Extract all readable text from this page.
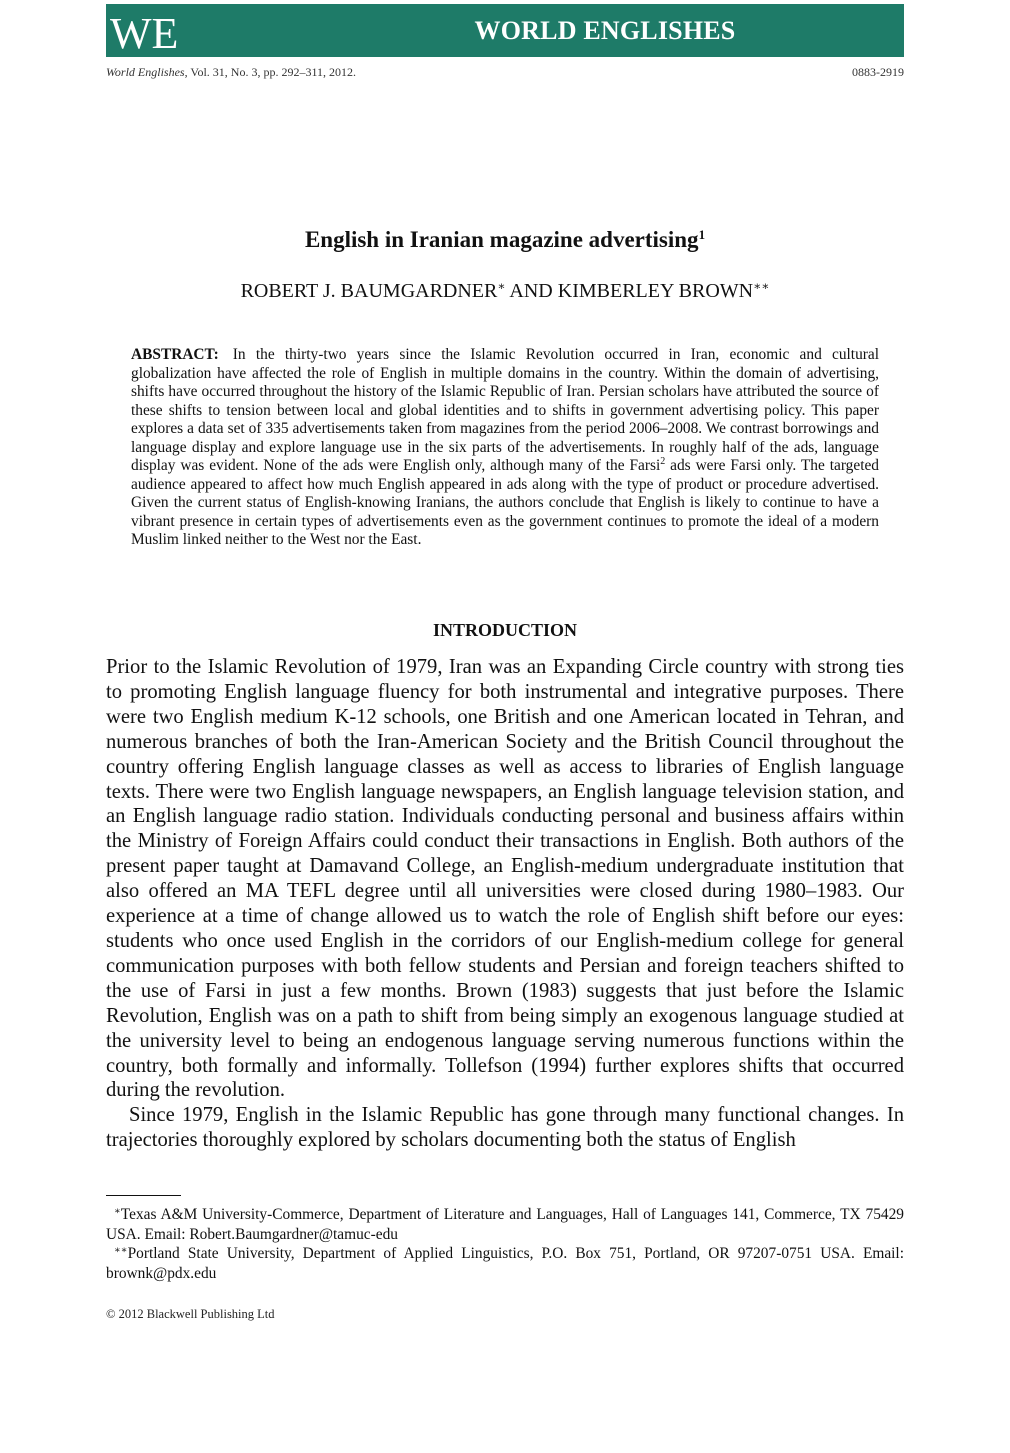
WE	WORLD ENGLISHES
World Englishes, Vol. 31, No. 3, pp. 292–311, 2012.	0883-2919
English in Iranian magazine advertising$^1$
ROBERT J. BAUMGARDNER∗ AND KIMBERLEY BROWN∗∗
ABSTRACT: In the thirty-two years since the Islamic Revolution occurred in Iran, economic and cultural globalization have affected the role of English in multiple domains in the country. Within the domain of advertising, shifts have occurred throughout the history of the Islamic Republic of Iran. Persian scholars have attributed the source of these shifts to tension between local and global identities and to shifts in government advertising policy. This paper explores a data set of 335 advertisements taken from magazines from the period 2006–2008. We contrast borrowings and language display and explore language use in the six parts of the advertisements. In roughly half of the ads, language display was evident. None of the ads were English only, although many of the Farsi$^2$ ads were Farsi only. The targeted audience appeared to affect how much English appeared in ads along with the type of product or procedure advertised. Given the current status of English-knowing Iranians, the authors conclude that English is likely to continue to have a vibrant presence in certain types of advertisements even as the government continues to promote the ideal of a modern Muslim linked neither to the West nor the East.
INTRODUCTION

Prior to the Islamic Revolution of 1979, Iran was an Expanding Circle country with strong ties to promoting English language fluency for both instrumental and integrative purposes. There were two English medium K-12 schools, one British and one American located in Tehran, and numerous branches of both the Iran-American Society and the British Council throughout the country offering English language classes as well as access to libraries of English language texts. There were two English language newspapers, an English language television station, and an English language radio station. Individuals conducting personal and business affairs within the Ministry of Foreign Affairs could conduct their transactions in English. Both authors of the present paper taught at Damavand College, an English-medium undergraduate institution that also offered an MA TEFL degree until all universities were closed during 1980–1983. Our experience at a time of change allowed us to watch the role of English shift before our eyes: students who once used English in the corridors of our English-medium college for general communication purposes with both fellow students and Persian and foreign teachers shifted to the use of Farsi in just a few months. Brown (1983) suggests that just before the Islamic Revolution, English was on a path to shift from being simply an exogenous language studied at the university level to being an endogenous language serving numerous functions within the country, both formally and informally. Tollefson (1994) further explores shifts that occurred during the revolution.

Since 1979, English in the Islamic Republic has gone through many functional changes. In trajectories thoroughly explored by scholars documenting both the status of English

∗Texas A&M University-Commerce, Department of Literature and Languages, Hall of Languages 141, Commerce, TX 75429 USA. Email: Robert.Baumgardner@tamuc-edu

∗∗Portland State University, Department of Applied Linguistics, P.O. Box 751, Portland, OR 97207-0751 USA. Email: brownk@pdx.edu

© 2012 Blackwell Publishing Ltd
